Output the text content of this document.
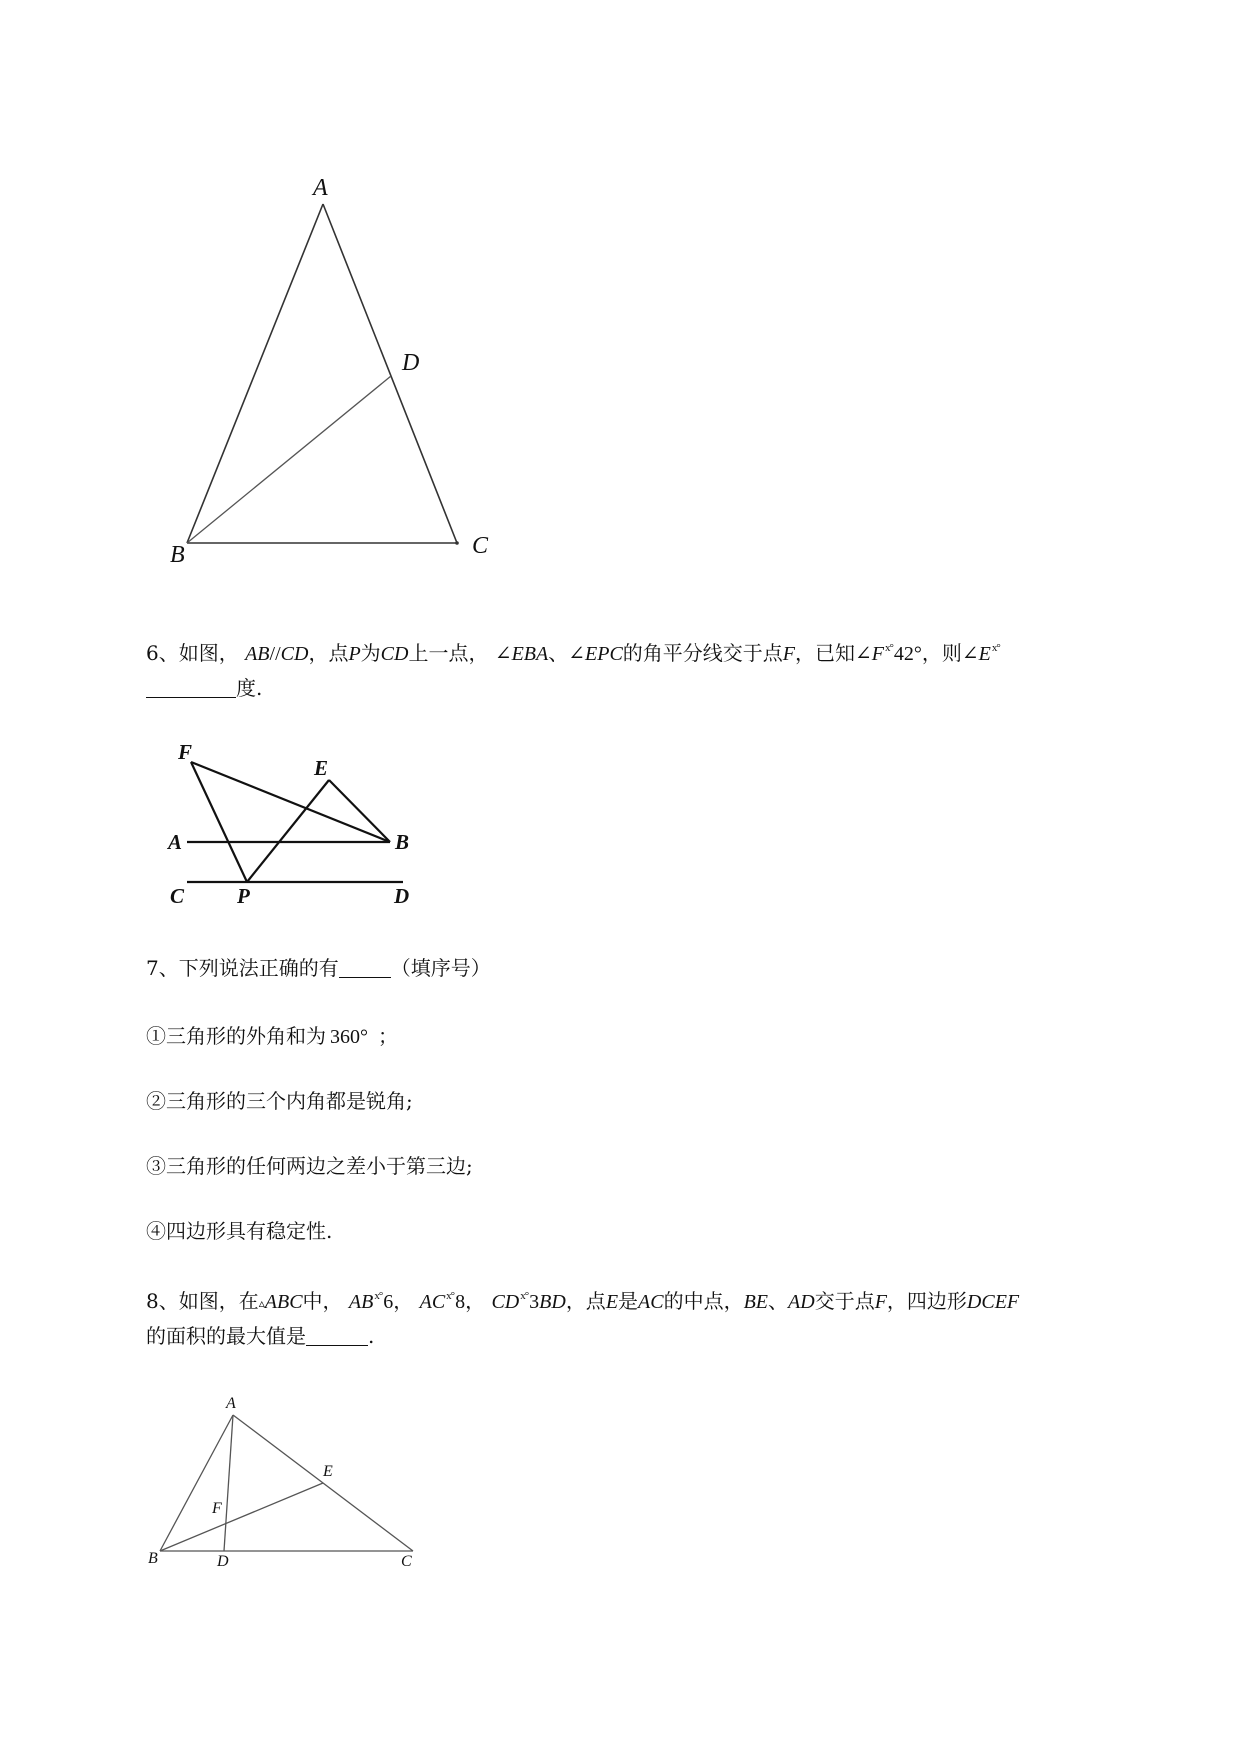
A
D
B	C
6、如图， AB//CD，点P为CD上一点， ∠EBA、∠EPC的角平分线交于点F，已知$\angle F^{x^\circ}42^\circ$，则$\angle E^{x^\circ}$
度.
F
E
A	B
C	P	D
7、下列说法正确的有	（填序号）
①三角形的外角和为 360° ；
②三角形的三个内角都是锐角;
③三角形的任何两边之差小于第三边;
④四边形具有稳定性.
8、如图，在▵ABC中， $AB^{x^\circ}6$， $AC^{x^\circ}8$， $CD^{x^\circ}3BD$，点E是AC的中点，BE、AD交于点F，四边形DCEF
的面积的最大值是	.
A
E
F
B	D	C
